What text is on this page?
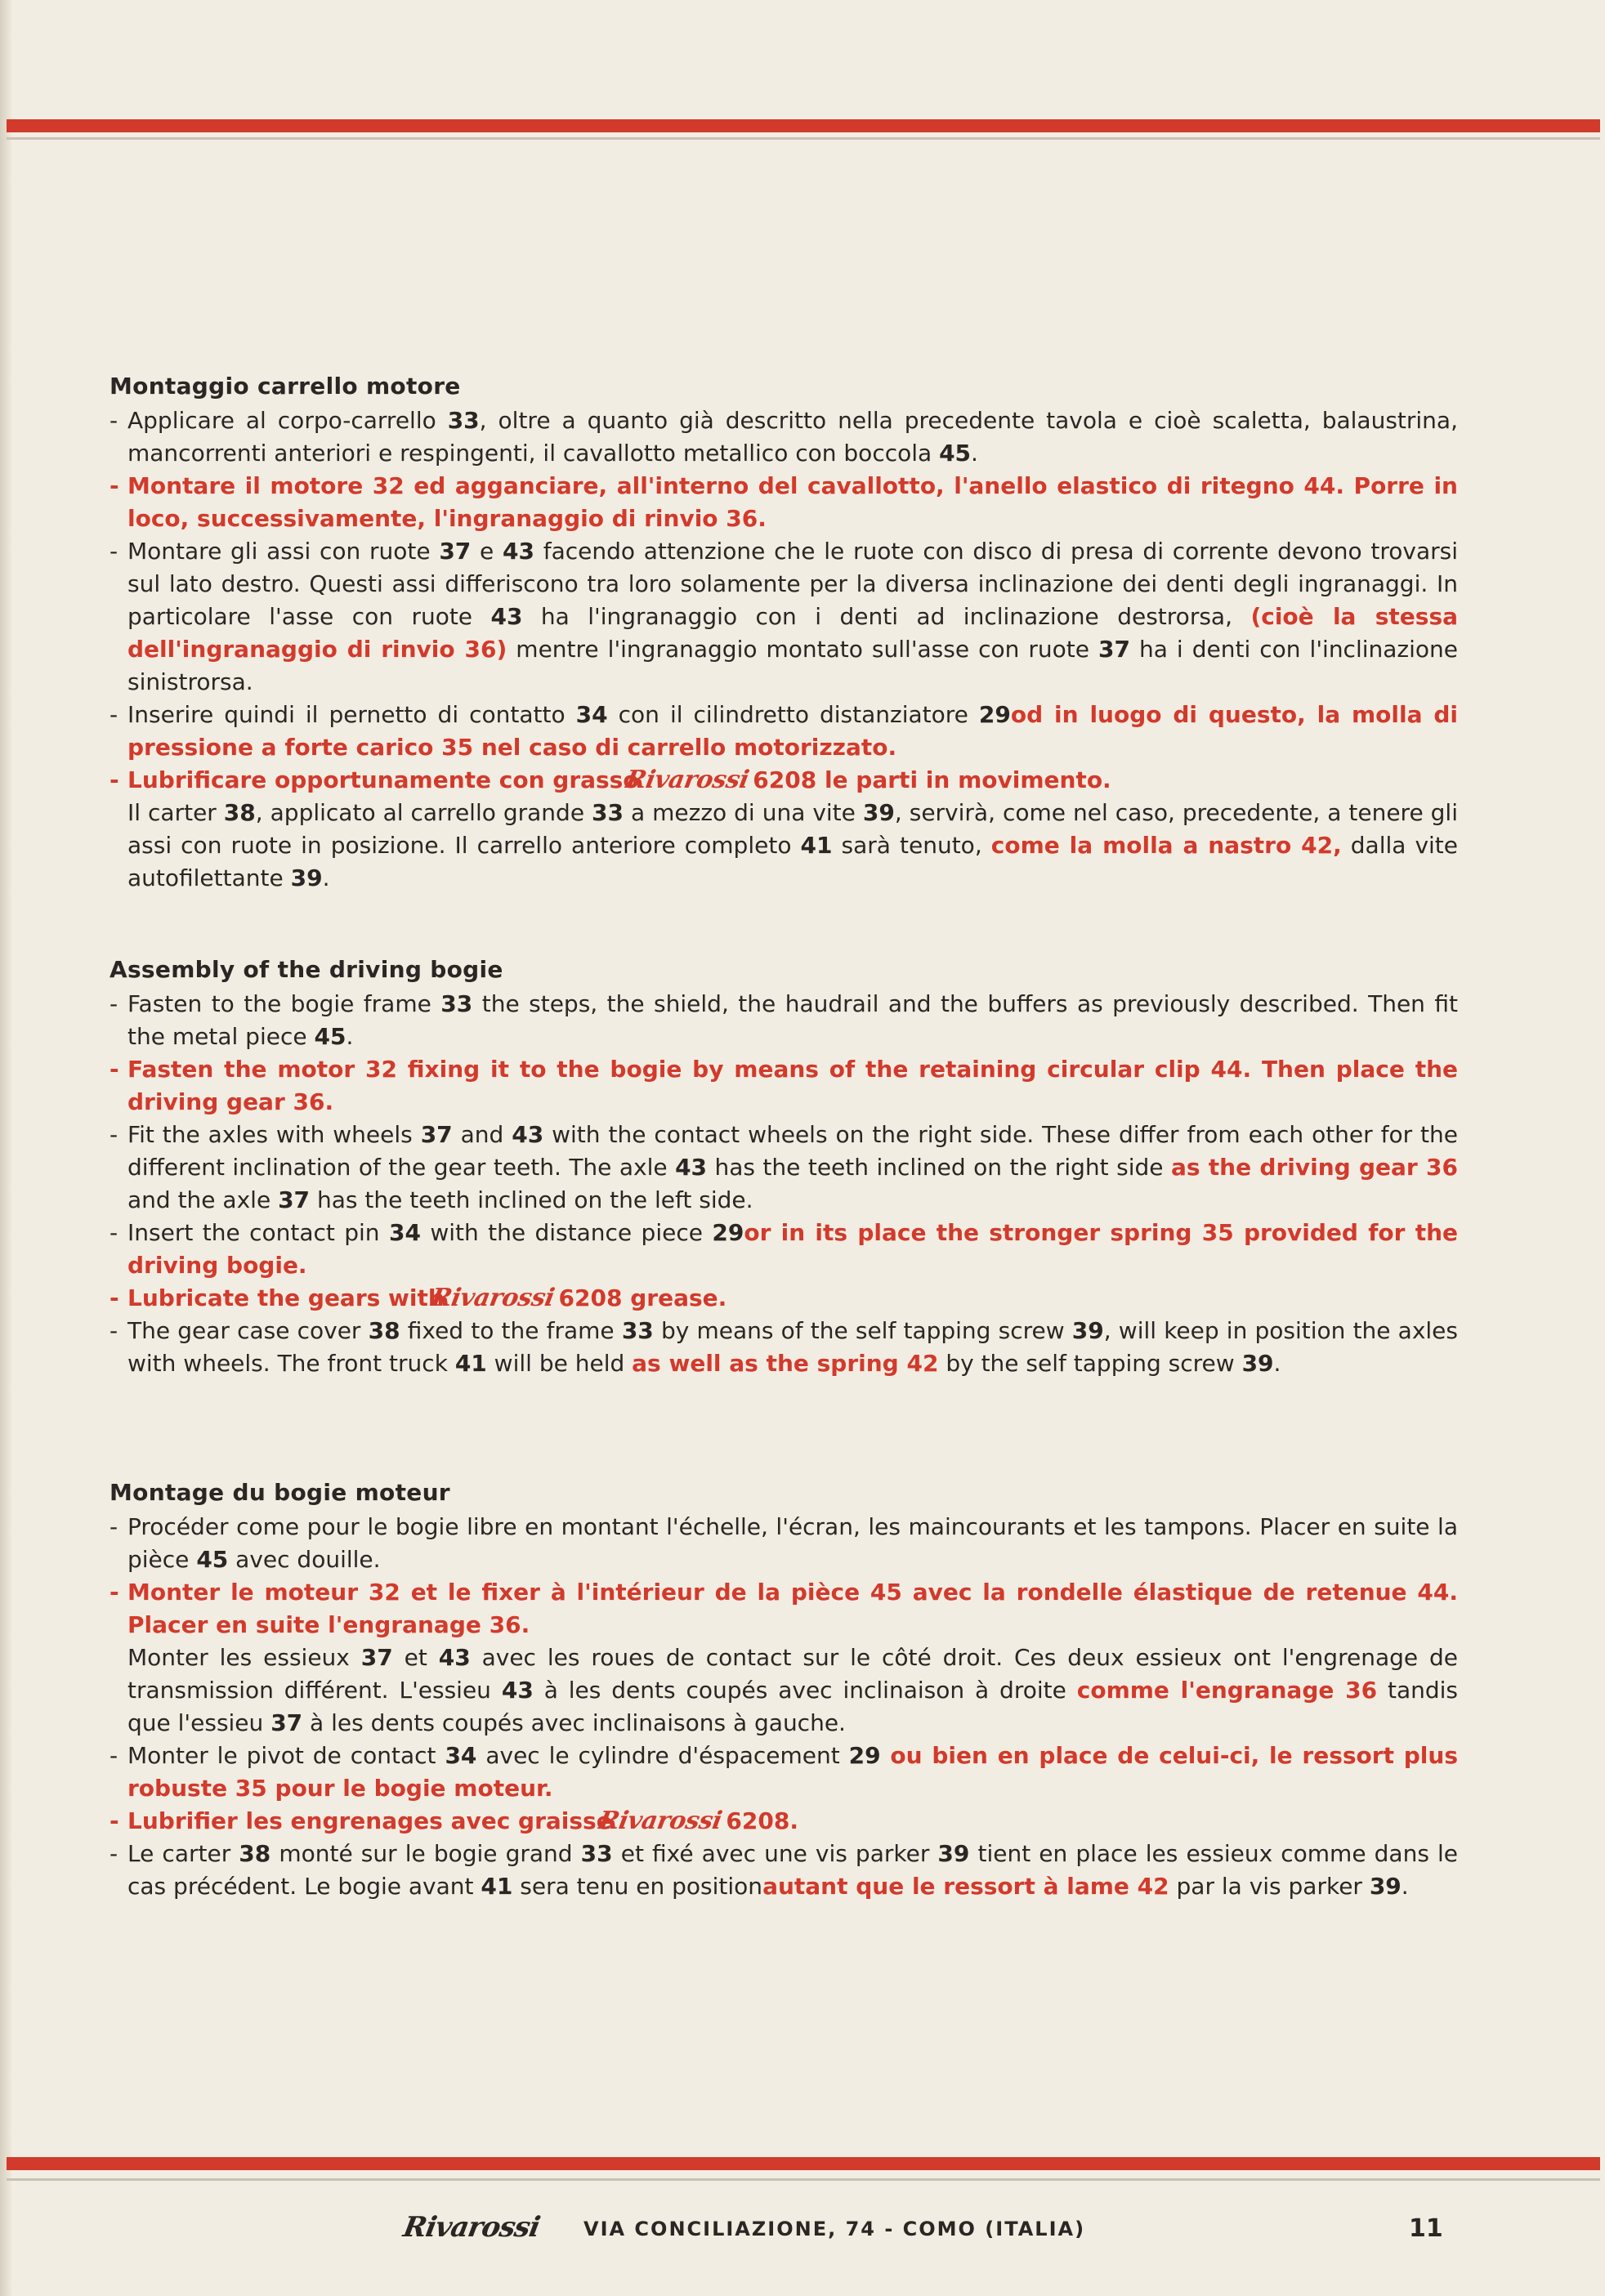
Montaggio carrello motore

- Applicare al corpo-carrello 33, oltre a quanto già descritto nella precedente tavola e cioè scaletta, balaustrina, mancorrenti anteriori e respingenti, il cavallotto metallico con boccola 45.

- Montare il motore 32 ed agganciare, all'interno del cavallotto, l'anello elastico di ritegno 44. Porre in loco, successivamente, l'ingranaggio di rinvio 36.

- Montare gli assi con ruote 37 e 43 facendo attenzione che le ruote con disco di presa di corrente devono trovarsi sul lato destro. Questi assi differiscono tra loro solamente per la diversa inclinazione dei denti degli ingranaggi. In particolare l'asse con ruote 43 ha l'ingranaggio con i denti ad inclinazione destrorsa, (cioè la stessa dell'ingranaggio di rinvio 36) mentre l'ingranaggio montato sull'asse con ruote 37 ha i denti con l'inclinazione sinistrorsa.

- Inserire quindi il pernetto di contatto 34 con il cilindretto distanziatore 29od in luogo di questo, la molla di pressione a forte carico 35 nel caso di carrello motorizzato.

- Lubrificare opportunamente con grassoRivarossi 6208 le parti in movimento.

Il carter 38, applicato al carrello grande 33 a mezzo di una vite 39, servirà, come nel caso, precedente, a tenere gli assi con ruote in posizione. Il carrello anteriore completo 41 sarà tenuto, come la molla a nastro 42, dalla vite autofilettante 39.

Assembly of the driving bogie

- Fasten to the bogie frame 33 the steps, the shield, the haudrail and the buffers as previously described. Then fit the metal piece 45.

- Fasten the motor 32 fixing it to the bogie by means of the retaining circular clip 44. Then place the driving gear 36.

- Fit the axles with wheels 37 and 43 with the contact wheels on the right side. These differ from each other for the different inclination of the gear teeth. The axle 43 has the teeth inclined on the right side as the driving gear 36 and the axle 37 has the teeth inclined on the left side.

- Insert the contact pin 34 with the distance piece 29or in its place the stronger spring 35 provided for the driving bogie.

- Lubricate the gears withRivarossi 6208 grease.

- The gear case cover 38 fixed to the frame 33 by means of the self tapping screw 39, will keep in position the axles with wheels. The front truck 41 will be held as well as the spring 42 by the self tapping screw 39.

Montage du bogie moteur

- Procéder come pour le bogie libre en montant l'échelle, l'écran, les maincourants et les tampons. Placer en suite la pièce 45 avec douille.

- Monter le moteur 32 et le fixer à l'intérieur de la pièce 45 avec la rondelle élastique de retenue 44. Placer en suite l'engranage 36.

Monter les essieux 37 et 43 avec les roues de contact sur le côté droit. Ces deux essieux ont l'engrenage de transmission différent. L'essieu 43 à les dents coupés avec inclinaison à droite comme l'engranage 36 tandis que l'essieu 37 à les dents coupés avec inclinaisons à gauche.

- Monter le pivot de contact 34 avec le cylindre d'éspacement 29 ou bien en place de celui-ci, le ressort plus robuste 35 pour le bogie moteur.

- Lubrifier les engrenages avec graisseRivarossi 6208.

- Le carter 38 monté sur le bogie grand 33 et fixé avec une vis parker 39 tient en place les essieux comme dans le cas précédent. Le bogie avant 41 sera tenu en positionautant que le ressort à lame 42 par la vis parker 39.

Rivarossi VIA CONCILIAZIONE, 74 - COMO (ITALIA)	11
